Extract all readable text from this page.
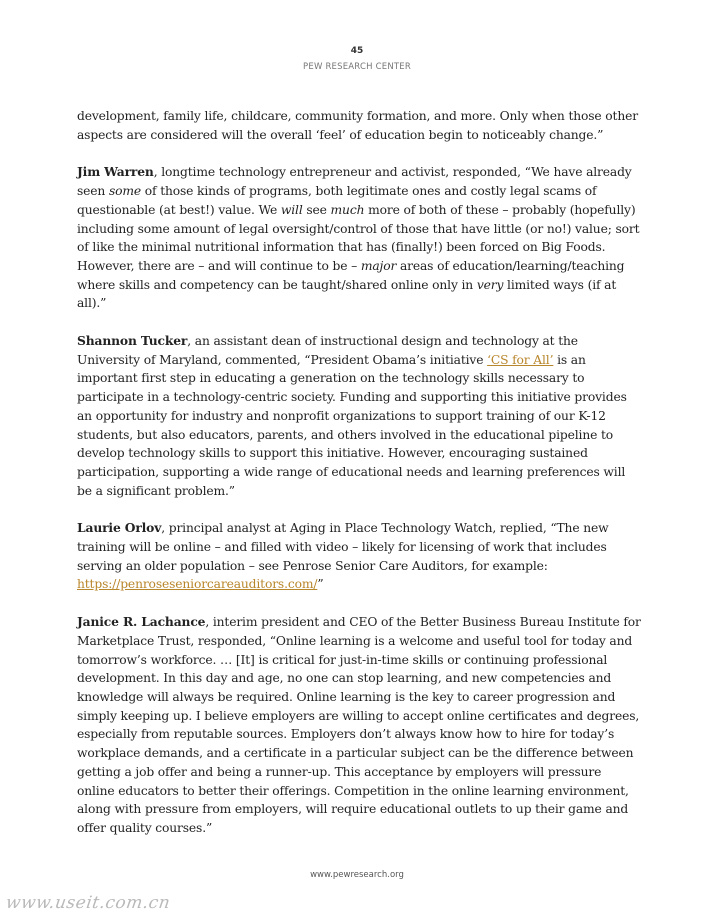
45
PEW RESEARCH CENTER

development, family life, childcare, community formation, and more. Only when those other aspects are considered will the overall ‘feel’ of education begin to noticeably change.”

Jim Warren, longtime technology entrepreneur and activist, responded, “We have already seen some of those kinds of programs, both legitimate ones and costly legal scams of questionable (at best!) value. We will see much more of both of these – probably (hopefully) including some amount of legal oversight/control of those that have little (or no!) value; sort of like the minimal nutritional information that has (finally!) been forced on Big Foods. However, there are – and will continue to be – major areas of education/learning/teaching where skills and competency can be taught/shared online only in very limited ways (if at all).”

Shannon Tucker, an assistant dean of instructional design and technology at the University of Maryland, commented, “President Obama’s initiative ‘CS for All’ is an important first step in educating a generation on the technology skills necessary to participate in a technology-centric society. Funding and supporting this initiative provides an opportunity for industry and nonprofit organizations to support training of our K-12 students, but also educators, parents, and others involved in the educational pipeline to develop technology skills to support this initiative. However, encouraging sustained participation, supporting a wide range of educational needs and learning preferences will be a significant problem.”

Laurie Orlov, principal analyst at Aging in Place Technology Watch, replied, “The new training will be online – and filled with video – likely for licensing of work that includes serving an older population – see Penrose Senior Care Auditors, for example: https://penroseseniorcareauditors.com/”

Janice R. Lachance, interim president and CEO of the Better Business Bureau Institute for Marketplace Trust, responded, “Online learning is a welcome and useful tool for today and tomorrow’s workforce. … [It] is critical for just-in-time skills or continuing professional development. In this day and age, no one can stop learning, and new competencies and knowledge will always be required. Online learning is the key to career progression and simply keeping up. I believe employers are willing to accept online certificates and degrees, especially from reputable sources. Employers don’t always know how to hire for today’s workplace demands, and a certificate in a particular subject can be the difference between getting a job offer and being a runner-up. This acceptance by employers will pressure online educators to better their offerings. Competition in the online learning environment, along with pressure from employers, will require educational outlets to up their game and offer quality courses.”

www.pewresearch.org
www.useit.com.cn
